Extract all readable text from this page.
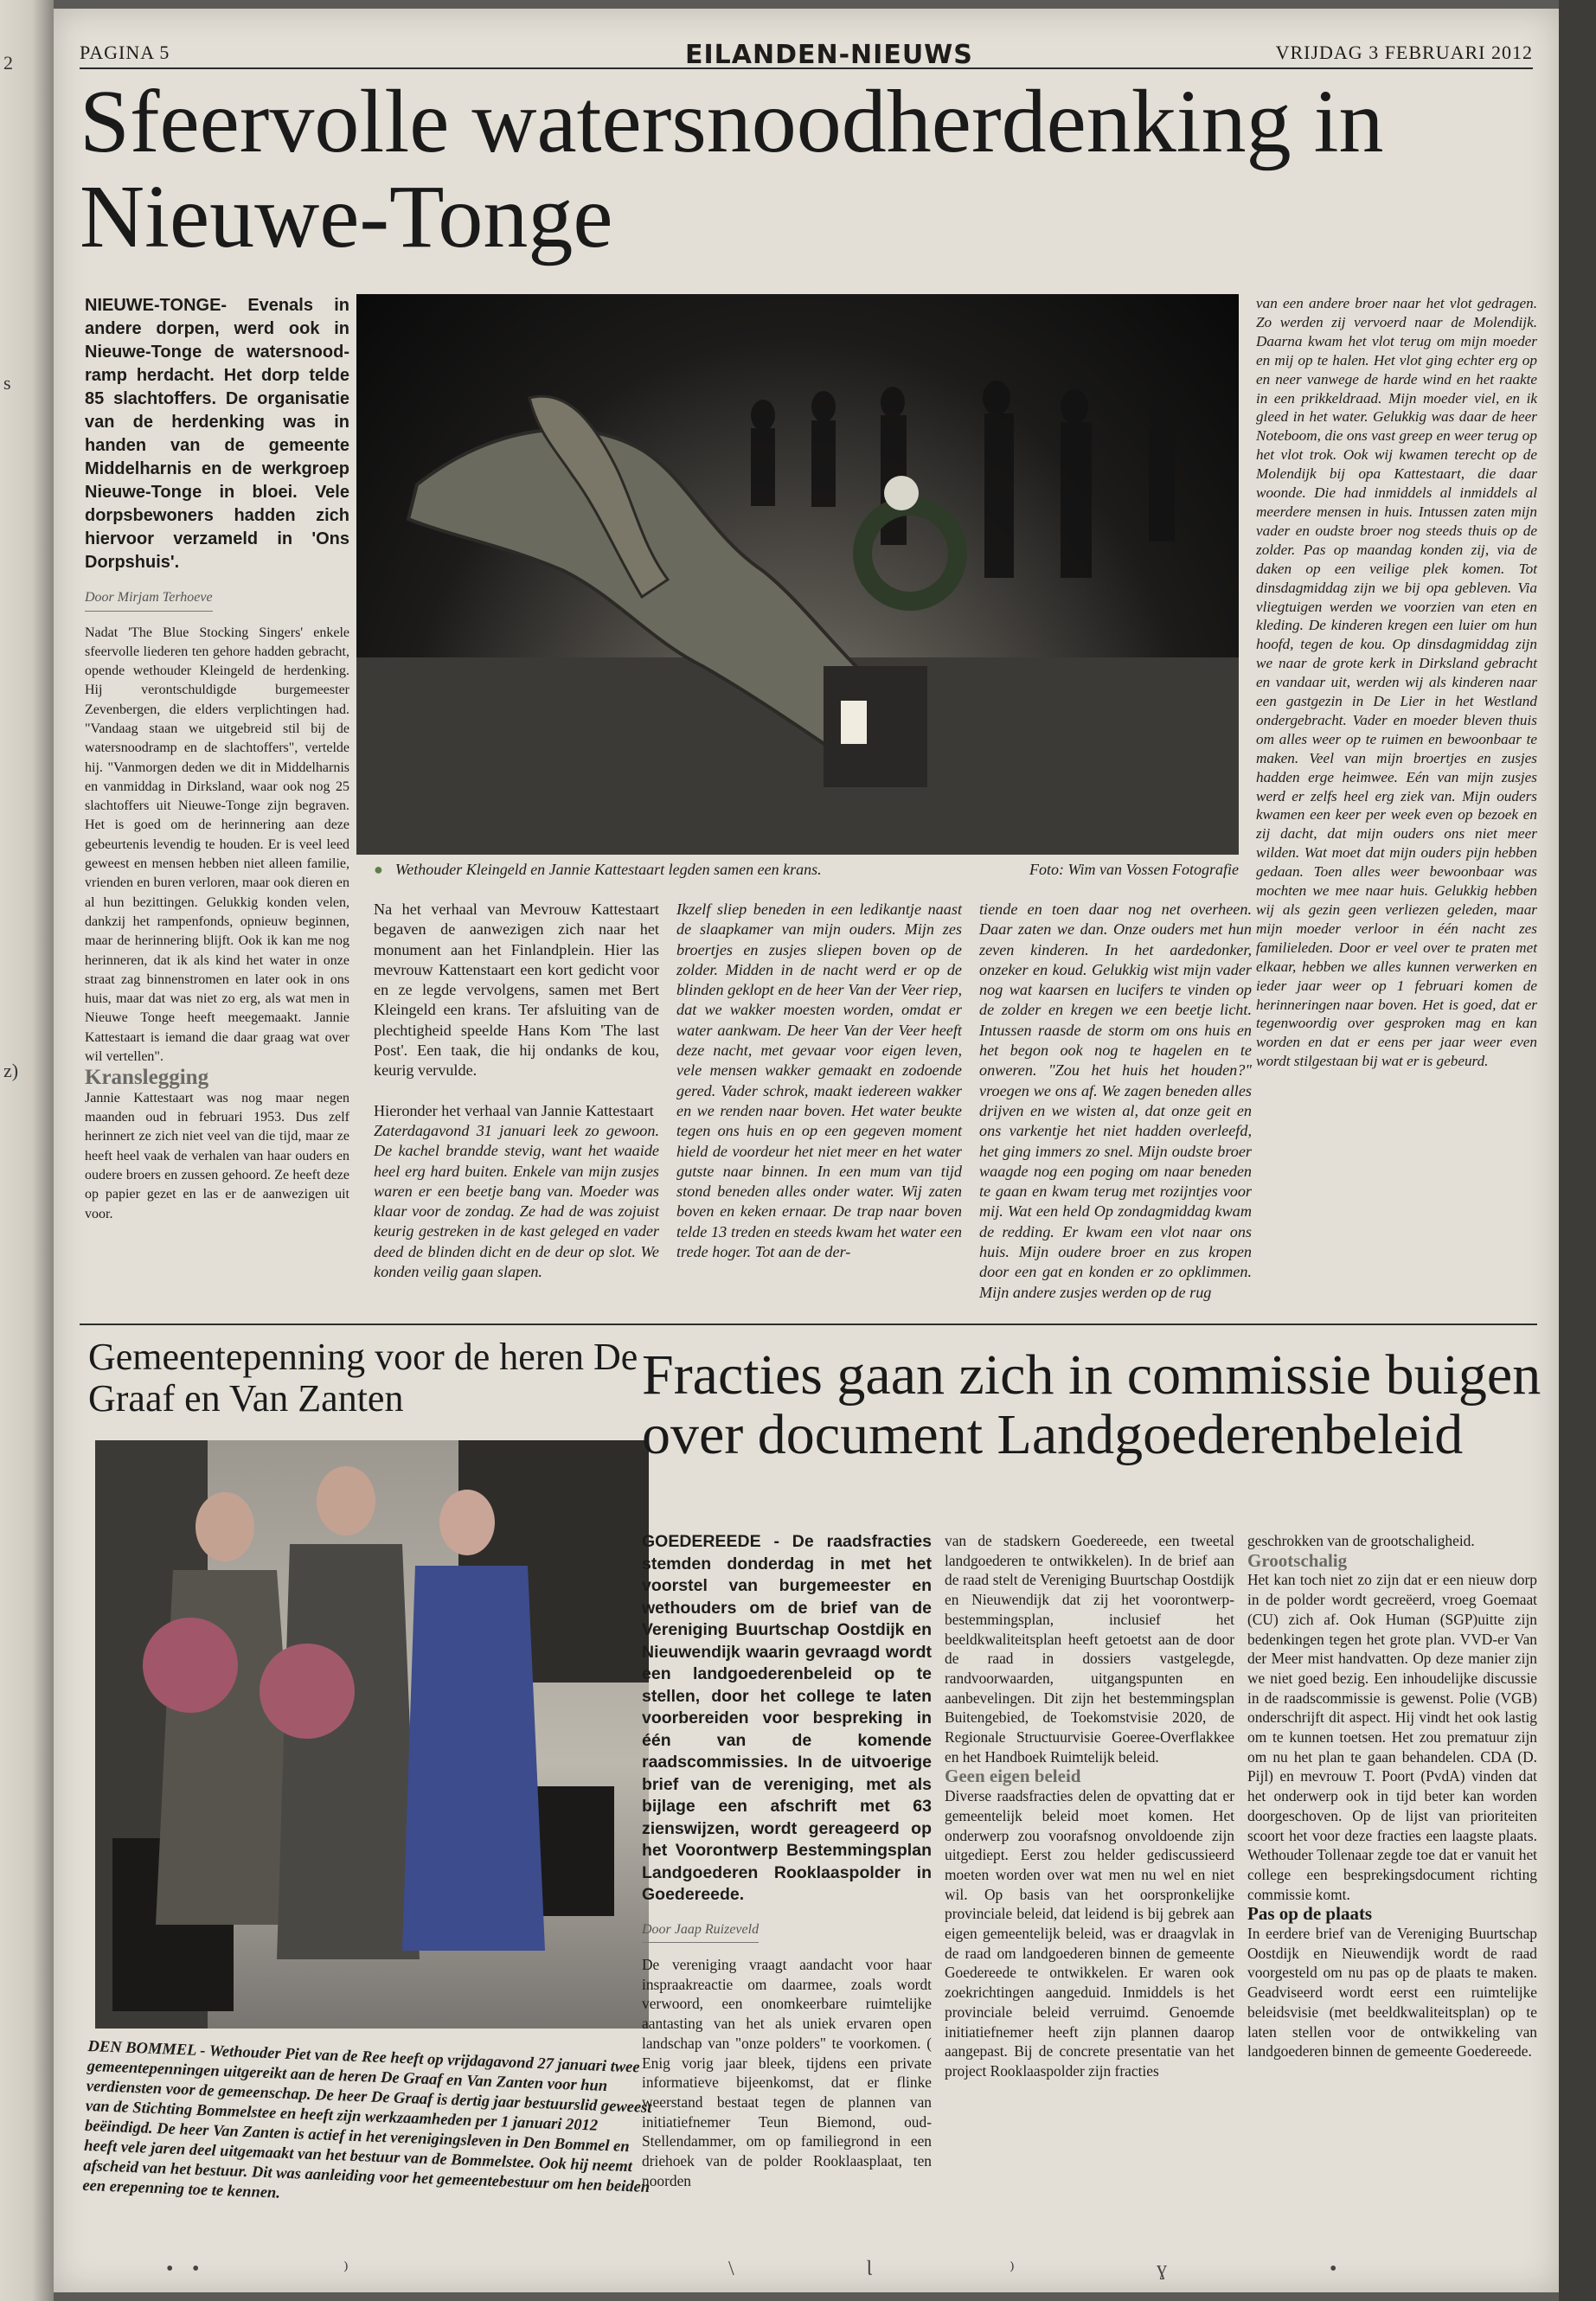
2
s
z)
PAGINA 5	EILANDEN-NIEUWS	VRIJDAG 3 FEBRUARI 2012
Sfeervolle watersnoodherdenking in Nieuwe-Tonge

NIEUWE-TONGE- Evenals in andere dorpen, werd ook in Nieuwe-Tonge de watersnood-ramp herdacht. Het dorp telde 85 slachtoffers. De organisatie van de herdenking was in handen van de gemeente Middelharnis en de werkgroep Nieuwe-Tonge in bloei. Vele dorpsbewoners hadden zich hiervoor verzameld in 'Ons Dorpshuis'.

Door Mirjam Terhoeve

Nadat 'The Blue Stocking Singers' enkele sfeervolle liederen ten gehore hadden gebracht, opende wethouder Kleingeld de herdenking. Hij verontschuldigde burgemeester Zevenbergen, die elders verplichtingen had. "Vandaag staan we uitgebreid stil bij de watersnoodramp en de slachtoffers", vertelde hij. "Vanmorgen deden we dit in Middelharnis en vanmiddag in Dirksland, waar ook nog 25 slachtoffers uit Nieuwe-Tonge zijn begraven. Het is goed om de herinnering aan deze gebeurtenis levendig te houden. Er is veel leed geweest en mensen hebben niet alleen familie, vrienden en buren verloren, maar ook dieren en al hun bezittingen. Gelukkig konden velen, dankzij het rampenfonds, opnieuw beginnen, maar de herinnering blijft. Ook ik kan me nog herinneren, dat ik als kind het water in onze straat zag binnenstromen en later ook in ons huis, maar dat was niet zo erg, als wat men in Nieuwe Tonge heeft meegemaakt. Jannie Kattestaart is iemand die daar graag wat over wil vertellen".

Kranslegging

Jannie Kattestaart was nog maar negen maanden oud in februari 1953. Dus zelf herinnert ze zich niet veel van die tijd, maar ze heeft heel vaak de verhalen van haar ouders en oudere broers en zussen gehoord. Ze heeft deze op papier gezet en las er de aanwezigen uit voor.

● Wethouder Kleingeld en Jannie Kattestaart legden samen een krans.	Foto: Wim van Vossen Fotografie

Na het verhaal van Mevrouw Kattestaart begaven de aanwezigen zich naar het monument aan het Finlandplein. Hier las mevrouw Kattenstaart een kort gedicht voor en ze legde vervolgens, samen met Bert Kleingeld een krans. Ter afsluiting van de plechtigheid speelde Hans Kom 'The last Post'. Een taak, die hij ondanks de kou, keurig vervulde.

Hieronder het verhaal van Jannie Kattestaart

Zaterdagavond 31 januari leek zo gewoon. De kachel brandde stevig, want het waaide heel erg hard buiten. Enkele van mijn zusjes waren er een beetje bang van. Moeder was klaar voor de zondag. Ze had de was zojuist keurig gestreken in de kast geleged en vader deed de blinden dicht en de deur op slot. We konden veilig gaan slapen.

Ikzelf sliep beneden in een ledikantje naast de slaapkamer van mijn ouders. Mijn zes broertjes en zusjes sliepen boven op de zolder. Midden in de nacht werd er op de blinden geklopt en de heer Van der Veer riep, dat we wakker moesten worden, omdat er water aankwam. De heer Van der Veer heeft deze nacht, met gevaar voor eigen leven, vele mensen wakker gemaakt en zodoende gered. Vader schrok, maakt iedereen wakker en we renden naar boven. Het water beukte tegen ons huis en op een gegeven moment hield de voordeur het niet meer en het water gutste naar binnen. In een mum van tijd stond beneden alles onder water. Wij zaten boven en keken ernaar. De trap naar boven telde 13 treden en steeds kwam het water een trede hoger. Tot aan de der-
tiende en toen daar nog net overheen. Daar zaten we dan. Onze ouders met hun zeven kinderen. In het aardedonker, onzeker en koud. Gelukkig wist mijn vader nog wat kaarsen en lucifers te vinden op de zolder en kregen we een beetje licht. Intussen raasde de storm om ons huis en het begon ook nog te hagelen en te onweren. "Zou het huis het houden?" vroegen we ons af. We zagen beneden alles drijven en we wisten al, dat onze geit en ons varkentje het niet hadden overleefd, het ging immers zo snel. Mijn oudste broer waagde nog een poging om naar beneden te gaan en kwam terug met rozijntjes voor mij. Wat een held Op zondagmiddag kwam de redding. Er kwam een vlot naar ons huis. Mijn oudere broer en zus kropen door een gat en konden er zo opklimmen. Mijn andere zusjes werden op de rug
van een andere broer naar het vlot gedragen. Zo werden zij vervoerd naar de Molendijk. Daarna kwam het vlot terug om mijn moeder en mij op te halen. Het vlot ging echter erg op en neer vanwege de harde wind en het raakte in een prikkeldraad. Mijn moeder viel, en ik gleed in het water. Gelukkig was daar de heer Noteboom, die ons vast greep en weer terug op het vlot trok. Ook wij kwamen terecht op de Molendijk bij opa Kattestaart, die daar woonde. Die had inmiddels al inmiddels al meerdere mensen in huis. Intussen zaten mijn vader en oudste broer nog steeds thuis op de zolder. Pas op maandag konden zij, via de daken op een veilige plek komen. Tot dinsdagmiddag zijn we bij opa gebleven. Via vliegtuigen werden we voorzien van eten en kleding. De kinderen kregen een luier om hun hoofd, tegen de kou. Op dinsdagmiddag zijn we naar de grote kerk in Dirksland gebracht en vandaar uit, werden wij als kinderen naar een gastgezin in De Lier in het Westland ondergebracht. Vader en moeder bleven thuis om alles weer op te ruimen en bewoonbaar te maken. Veel van mijn broertjes en zusjes hadden erge heimwee. Eén van mijn zusjes werd er zelfs heel erg ziek van. Mijn ouders kwamen een keer per week even op bezoek en zij dacht, dat mijn ouders ons niet meer wilden. Wat moet dat mijn ouders pijn hebben gedaan. Toen alles weer bewoonbaar was mochten we mee naar huis. Gelukkig hebben wij als gezin geen verliezen geleden, maar mijn moeder verloor in één nacht zes familieleden. Door er veel over te praten met elkaar, hebben we alles kunnen verwerken en ieder jaar weer op 1 februari komen de herinneringen naar boven. Het is goed, dat er tegenwoordig over gesproken mag en kan worden en dat er eens per jaar weer even wordt stilgestaan bij wat er is gebeurd.
Gemeentepenning voor de heren De Graaf en Van Zanten
DEN BOMMEL - Wethouder Piet van de Ree heeft op vrijdagavond 27 januari twee gemeentepenningen uitgereikt aan de heren De Graaf en Van Zanten voor hun verdiensten voor de gemeenschap. De heer De Graaf is dertig jaar bestuurslid geweest van de Stichting Bommelstee en heeft zijn werkzaamheden per 1 januari 2012 beëindigd. De heer Van Zanten is actief in het verenigingsleven in Den Bommel en heeft vele jaren deel uitgemaakt van het bestuur van de Bommelstee. Ook hij neemt afscheid van het bestuur. Dit was aanleiding voor het gemeentebestuur om hen beiden een erepenning toe te kennen.
Fracties gaan zich in commissie buigen over document Landgoederenbeleid

GOEDEREEDE - De raadsfracties stemden donderdag in met het voorstel van burgemeester en wethouders om de brief van de Vereniging Buurtschap Oostdijk en Nieuwendijk waarin gevraagd wordt een landgoederenbeleid op te stellen, door het college te laten voorbereiden voor bespreking in één van de komende raadscommissies. In de uitvoerige brief van de vereniging, met als bijlage een afschrift met 63 zienswijzen, wordt gereageerd op het Voorontwerp Bestemmingsplan Landgoederen Rooklaaspolder in Goedereede.

Door Jaap Ruizeveld

De vereniging vraagt aandacht voor haar inspraakreactie om daarmee, zoals wordt verwoord, een onomkeerbare ruimtelijke aantasting van het als uniek ervaren open landschap van "onze polders" te voorkomen. ( Enig vorig jaar bleek, tijdens een private informatieve bijeenkomst, dat er flinke weerstand bestaat tegen de plannen van initiatiefnemer Teun Biemond, oud-Stellendammer, om op familiegrond in een driehoek van de polder Rooklaasplaat, ten noorden

van de stadskern Goedereede, een tweetal landgoederen te ontwikkelen). In de brief aan de raad stelt de Vereniging Buurtschap Oostdijk en Nieuwendijk dat zij het voorontwerp-bestemmingsplan, inclusief het beeldkwaliteitsplan heeft getoetst aan de door de raad in dossiers vastgelegde, randvoorwaarden, uitgangspunten en aanbevelingen. Dit zijn het bestemmingsplan Buitengebied, de Toekomstvisie 2020, de Regionale Structuurvisie Goeree-Overflakkee en het Handboek Ruimtelijk beleid.

Geen eigen beleid

Diverse raadsfracties delen de opvatting dat er gemeentelijk beleid moet komen. Het onderwerp zou voorafsnog onvoldoende zijn uitgediept. Eerst zou helder gediscussieerd moeten worden over wat men nu wel en niet wil. Op basis van het oorspronkelijke provinciale beleid, dat leidend is bij gebrek aan eigen gemeentelijk beleid, was er draagvlak in de raad om landgoederen binnen de gemeente Goedereede te ontwikkelen. Er waren ook zoekrichtingen aangeduid. Inmiddels is het provinciale beleid verruimd. Genoemde initiatiefnemer heeft zijn plannen daarop aangepast. Bij de concrete presentatie van het project Rooklaaspolder zijn fracties

geschrokken van de grootschaligheid.

Grootschalig

Het kan toch niet zo zijn dat er een nieuw dorp in de polder wordt gecreëerd, vroeg Goemaat (CU) zich af. Ook Human (SGP)uitte zijn bedenkingen tegen het grote plan. VVD-er Van der Meer mist handvatten. Op deze manier zijn we niet goed bezig. Een inhoudelijke discussie in de raadscommissie is gewenst. Polie (VGB) onderschrijft dit aspect. Hij vindt het ook lastig om te kunnen toetsen. Het zou prematuur zijn om nu het plan te gaan behandelen. CDA (D. Pijl) en mevrouw T. Poort (PvdA) vinden dat het onderwerp ook in tijd beter kan worden doorgeschoven. Op de lijst van prioriteiten scoort het voor deze fracties een laagste plaats. Wethouder Tollenaar zegde toe dat er vanuit het college een besprekingsdocument richting commissie komt.

Pas op de plaats

In eerdere brief van de Vereniging Buurtschap Oostdijk en Nieuwendijk wordt de raad voorgesteld om nu pas op de plaats te maken. Geadviseerd wordt eerst een ruimtelijke beleidsvisie (met beeldkwaliteitsplan) op te laten stellen voor de ontwikkeling van landgoederen binnen de gemeente Goedereede.

• •	⁾	\	Ɩ	⁾	ɣ	•
